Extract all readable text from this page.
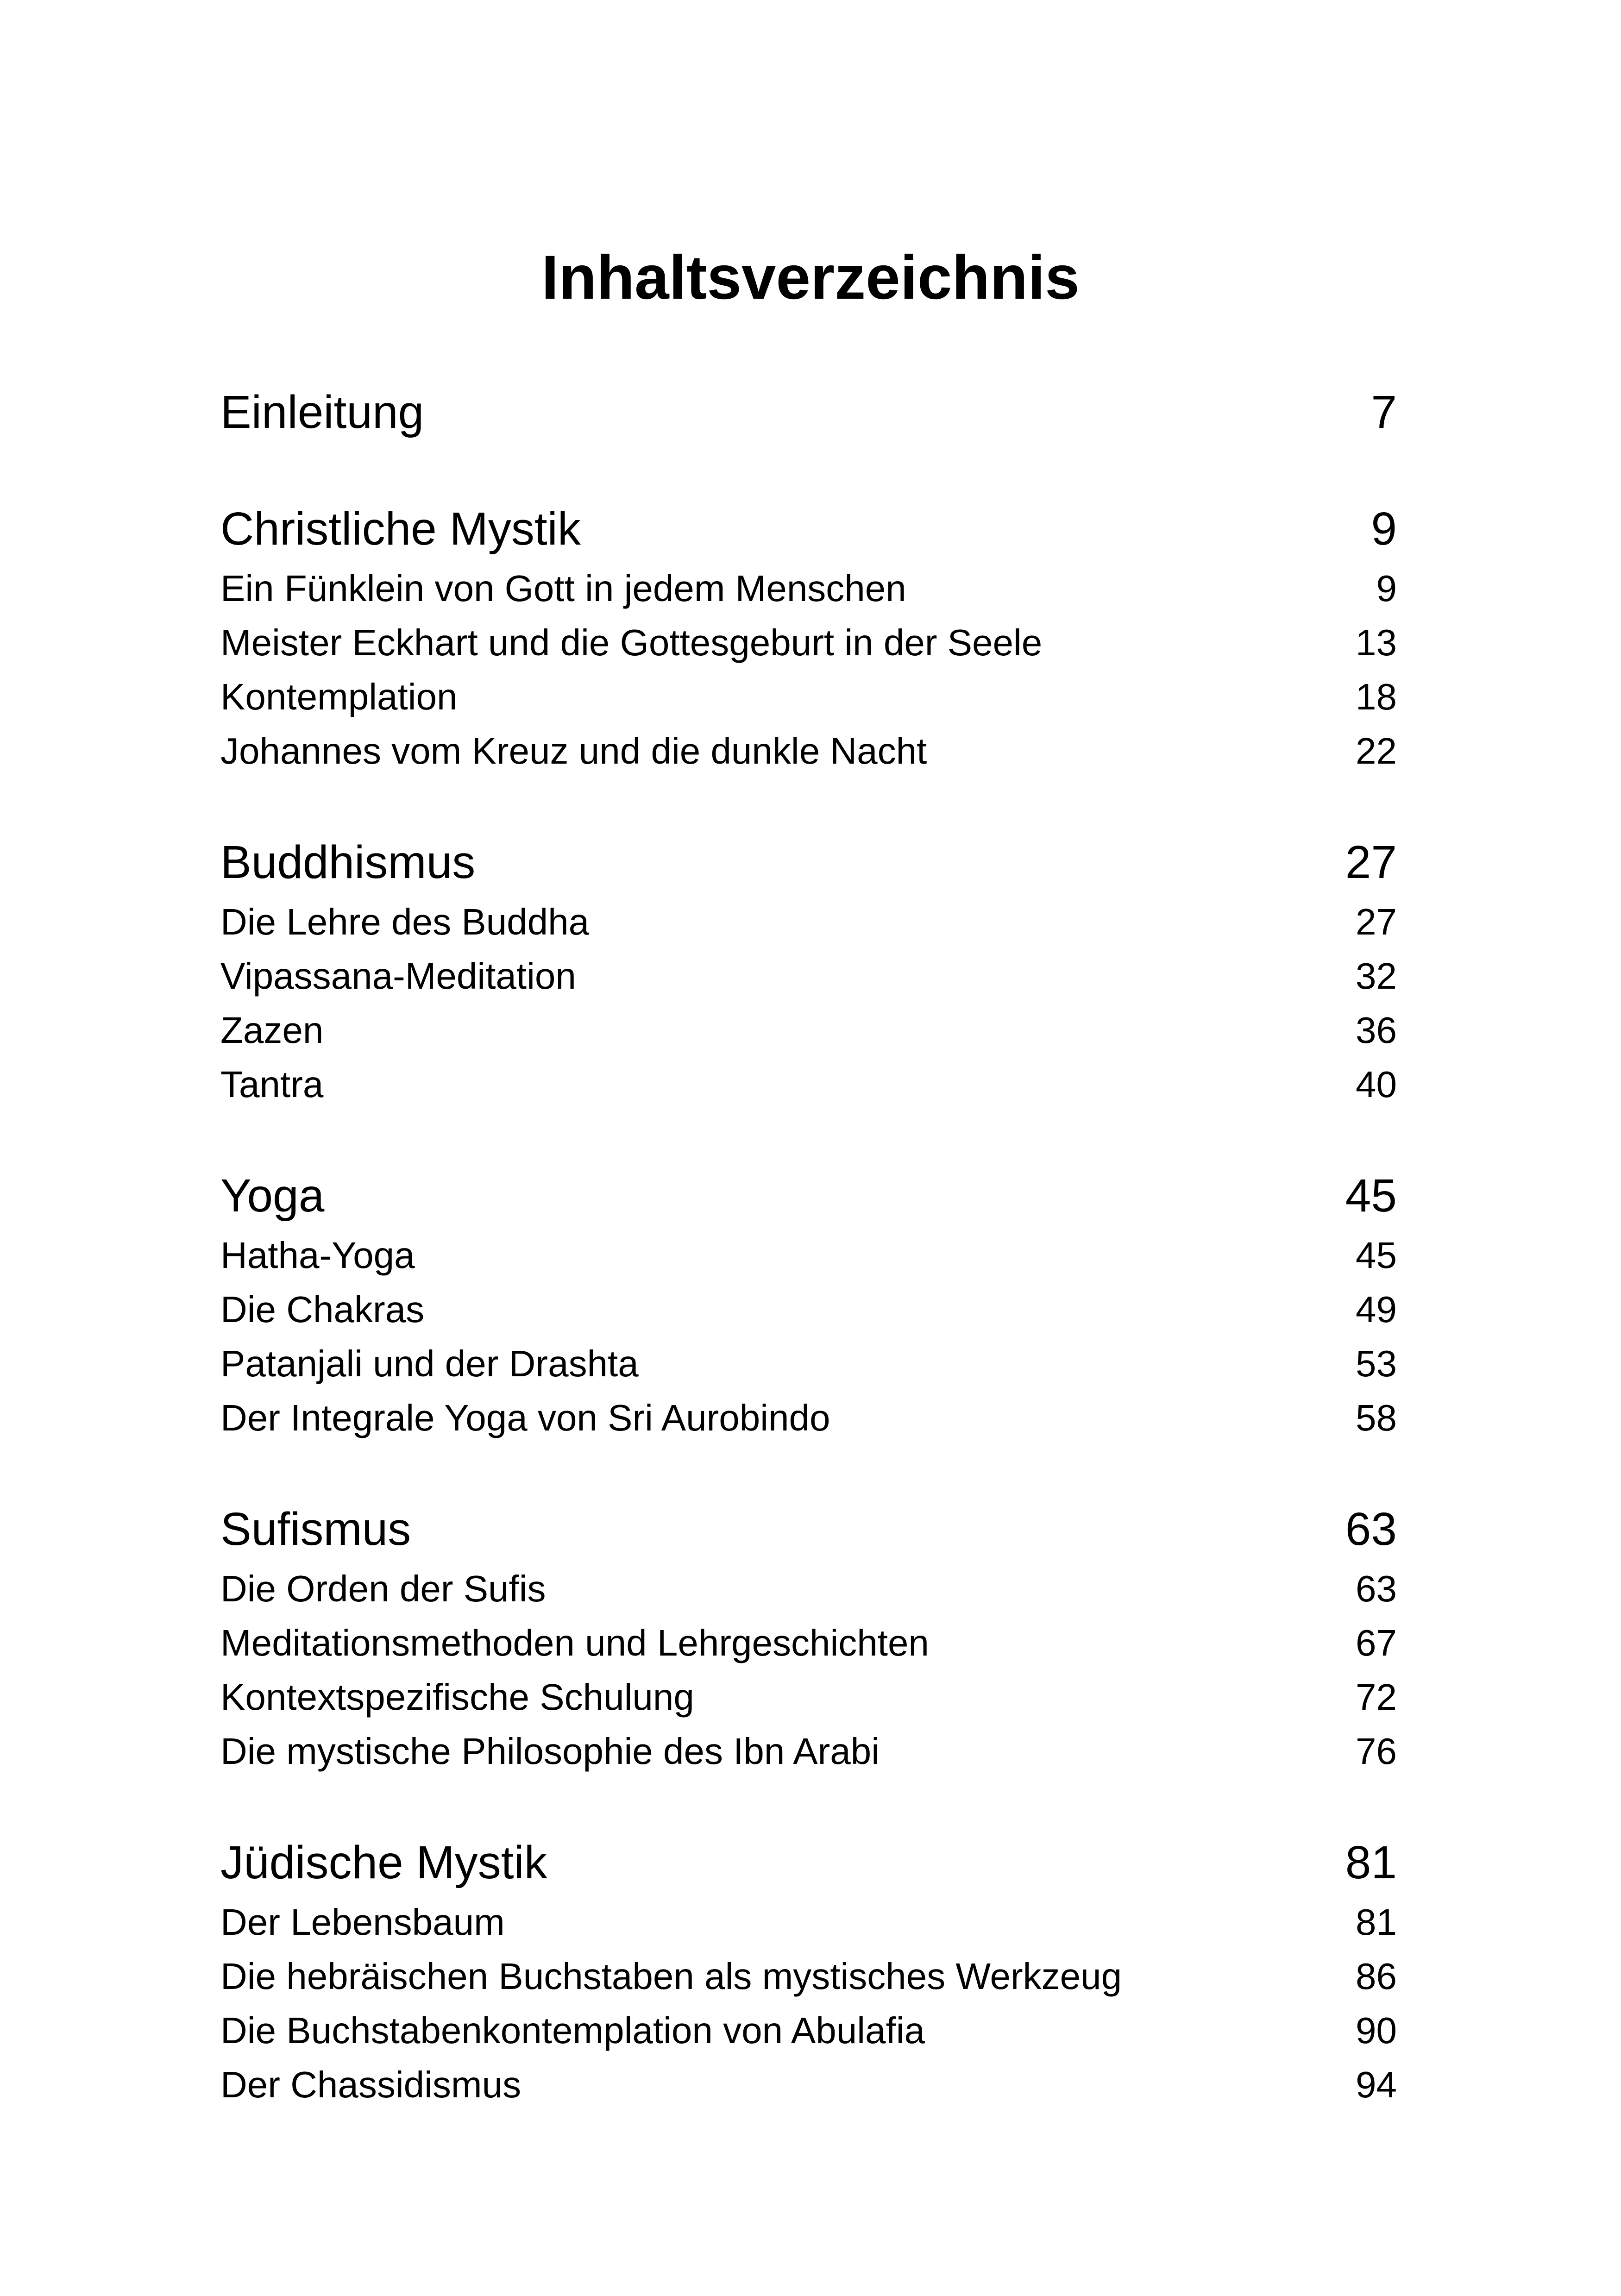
Inhaltsverzeichnis
Einleitung	7
Christliche Mystik	9
Ein Fünklein von Gott in jedem Menschen	9
Meister Eckhart und die Gottesgeburt in der Seele	13
Kontemplation	18
Johannes vom Kreuz und die dunkle Nacht	22
Buddhismus	27
Die Lehre des Buddha	27
Vipassana-Meditation	32
Zazen	36
Tantra	40
Yoga	45
Hatha-Yoga	45
Die Chakras	49
Patanjali und der Drashta	53
Der Integrale Yoga von Sri Aurobindo	58
Sufismus	63
Die Orden der Sufis	63
Meditationsmethoden und Lehrgeschichten	67
Kontextspezifische Schulung	72
Die mystische Philosophie des Ibn Arabi	76
Jüdische Mystik	81
Der Lebensbaum	81
Die hebräischen Buchstaben als mystisches Werkzeug	86
Die Buchstabenkontemplation von Abulafia	90
Der Chassidismus	94
